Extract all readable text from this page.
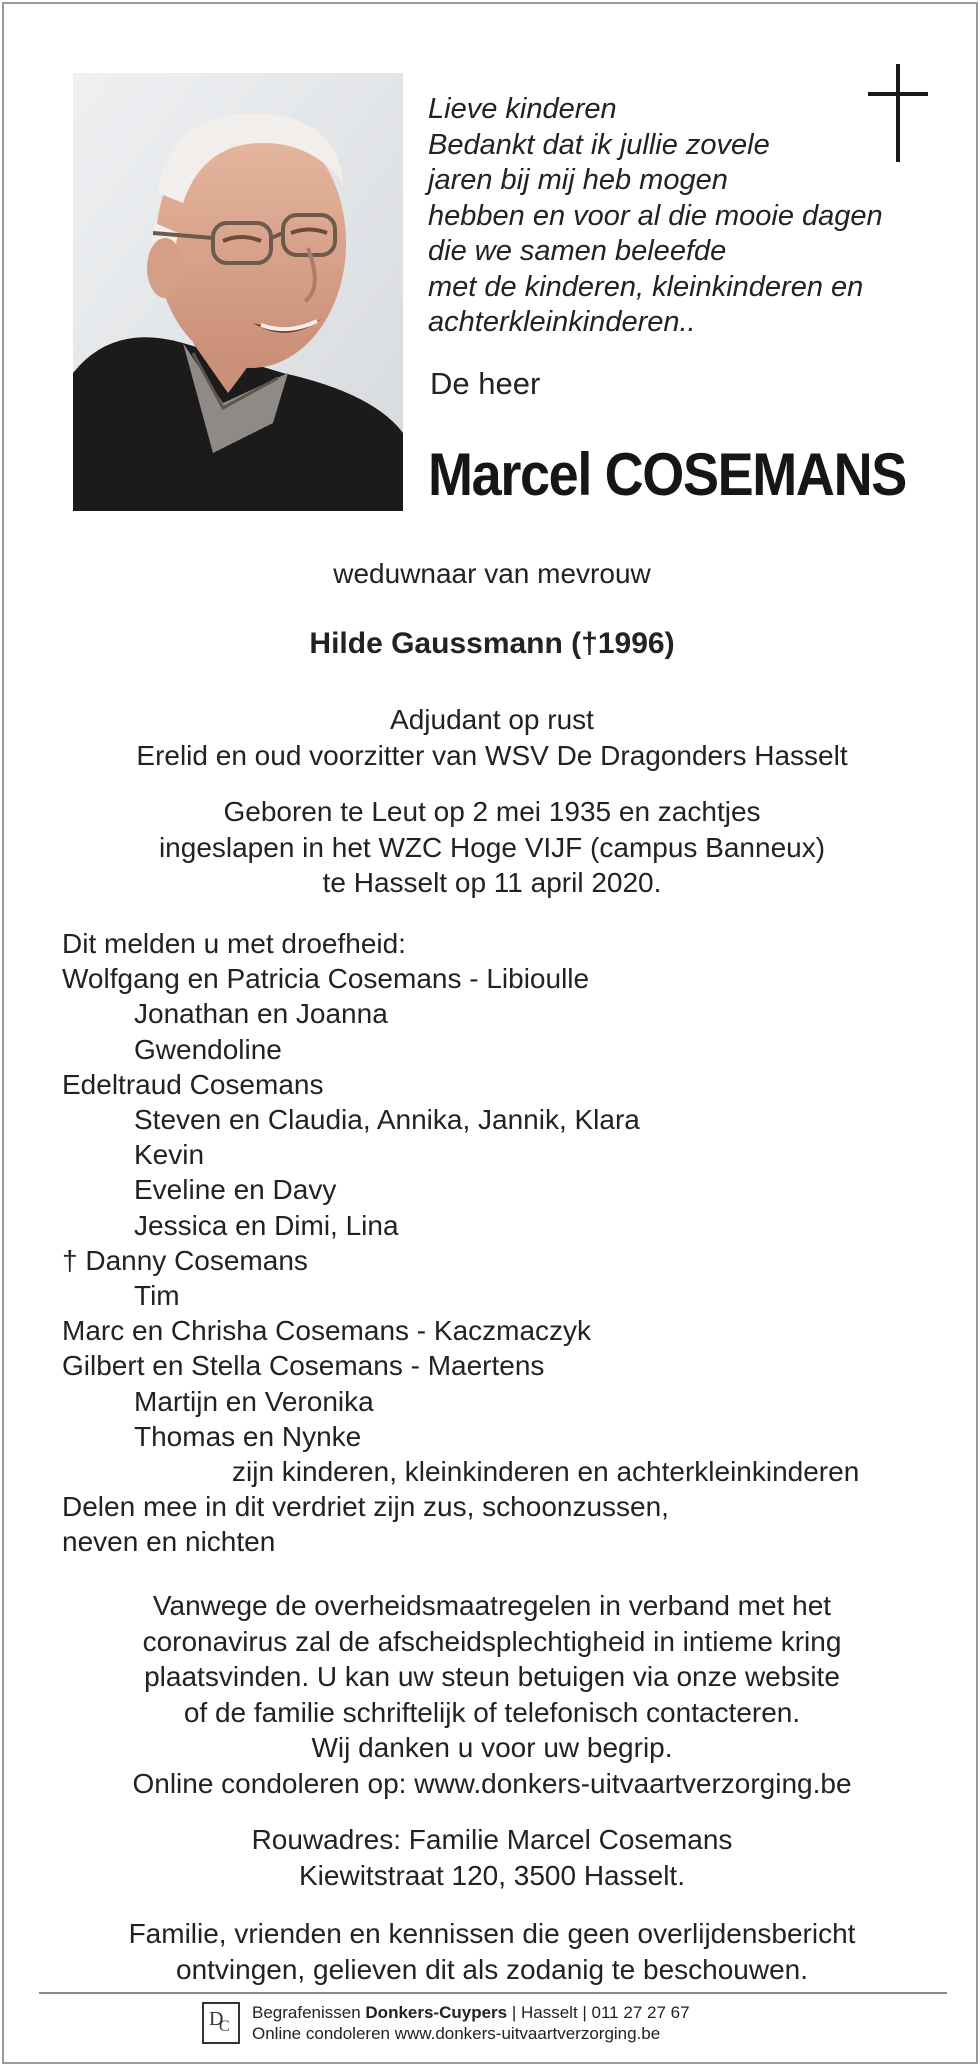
Lieve kinderen
Bedankt dat ik jullie zovele
jaren bij mij heb mogen
hebben en voor al die mooie dagen
die we samen beleefde
met de kinderen, kleinkinderen en
achterkleinkinderen..
De heer
Marcel COSEMANS
weduwnaar van mevrouw
Hilde Gaussmann (†1996)
Adjudant op rust
Erelid en oud voorzitter van WSV De Dragonders Hasselt
Geboren te Leut op 2 mei 1935 en zachtjes
ingeslapen in het WZC Hoge VIJF (campus Banneux)
te Hasselt op 11 april 2020.
Dit melden u met droefheid:
Wolfgang en Patricia Cosemans - Libioulle
Jonathan en Joanna
Gwendoline
Edeltraud Cosemans
Steven en Claudia, Annika, Jannik, Klara
Kevin
Eveline en Davy
Jessica en Dimi, Lina
† Danny Cosemans
Tim
Marc en Chrisha Cosemans - Kaczmaczyk
Gilbert en Stella Cosemans - Maertens
Martijn en Veronika
Thomas en Nynke
zijn kinderen, kleinkinderen en achterkleinkinderen
Delen mee in dit verdriet zijn zus, schoonzussen,
neven en nichten
Vanwege de overheidsmaatregelen in verband met het
coronavirus zal de afscheidsplechtigheid in intieme kring
plaatsvinden. U kan uw steun betuigen via onze website
of de familie schriftelijk of telefonisch contacteren.
Wij danken u voor uw begrip.
Online condoleren op: www.donkers-uitvaartverzorging.be
Rouwadres: Familie Marcel Cosemans
Kiewitstraat 120, 3500 Hasselt.
Familie, vrienden en kennissen die geen overlijdensbericht
ontvingen, gelieven dit als zodanig te beschouwen.
D
C
Begrafenissen Donkers-Cuypers | Hasselt | 011 27 27 67
Online condoleren www.donkers-uitvaartverzorging.be
